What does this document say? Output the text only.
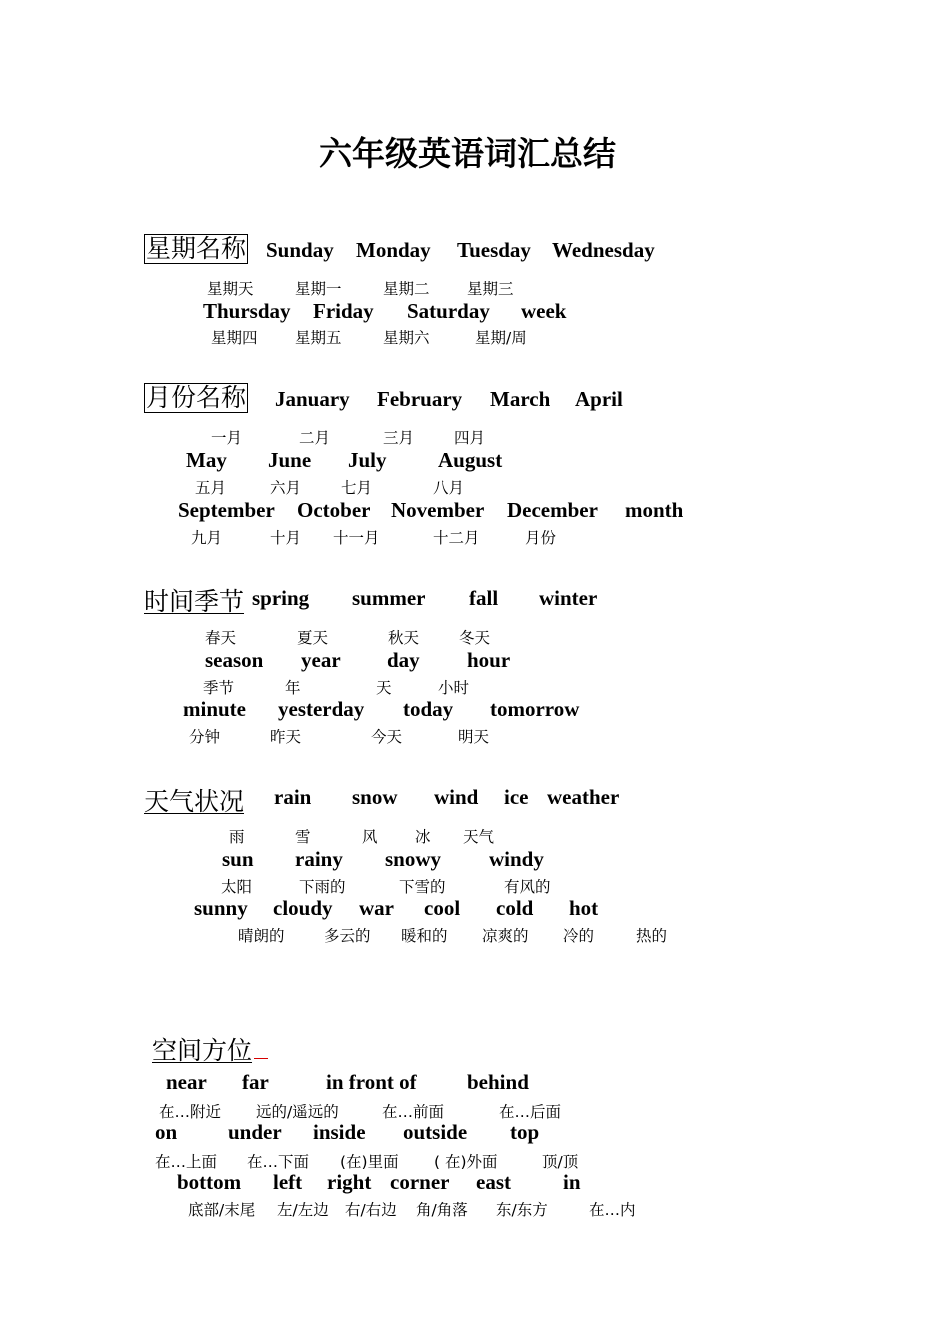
六年级英语词汇总结
星期名称 Sunday Monday Tuesday Wednesday
星期天	星期一	星期二 星期三
Thursday Friday Saturday week
星期四 星期五	星期六	星期/周
月份名称 January February March April
一月	二月	三月	四月
May June July August
五月	六月	七月	八月
September October November December month
九月	十月 十一月	十二月	月份
时间季节 spring summer fall winter
春天	夏天	秋天	冬天
season year day hour
季节	年	天	小时
minute yesterday today tomorrow
分钟	昨天	今天	明天
天气状况 rain snow wind ice weather
雨	雪	风 冰 天气
sun rainy snowy windy
太阳	下雨的	下雪的	有风的
sunny cloudy war cool cold hot
晴朗的	多云的 暖和的 凉爽的 冷的	热的
空间方位
near far	in front of behind
在…附近 远的/遥远的	在…前面	在…后面
on under inside outside top
在…上面 在…下面 (在)里面 ( 在)外面	顶/顶
bottom left right corner east in
底部/末尾 左/左边 右/右边 角/角落 东/东方	在…内
